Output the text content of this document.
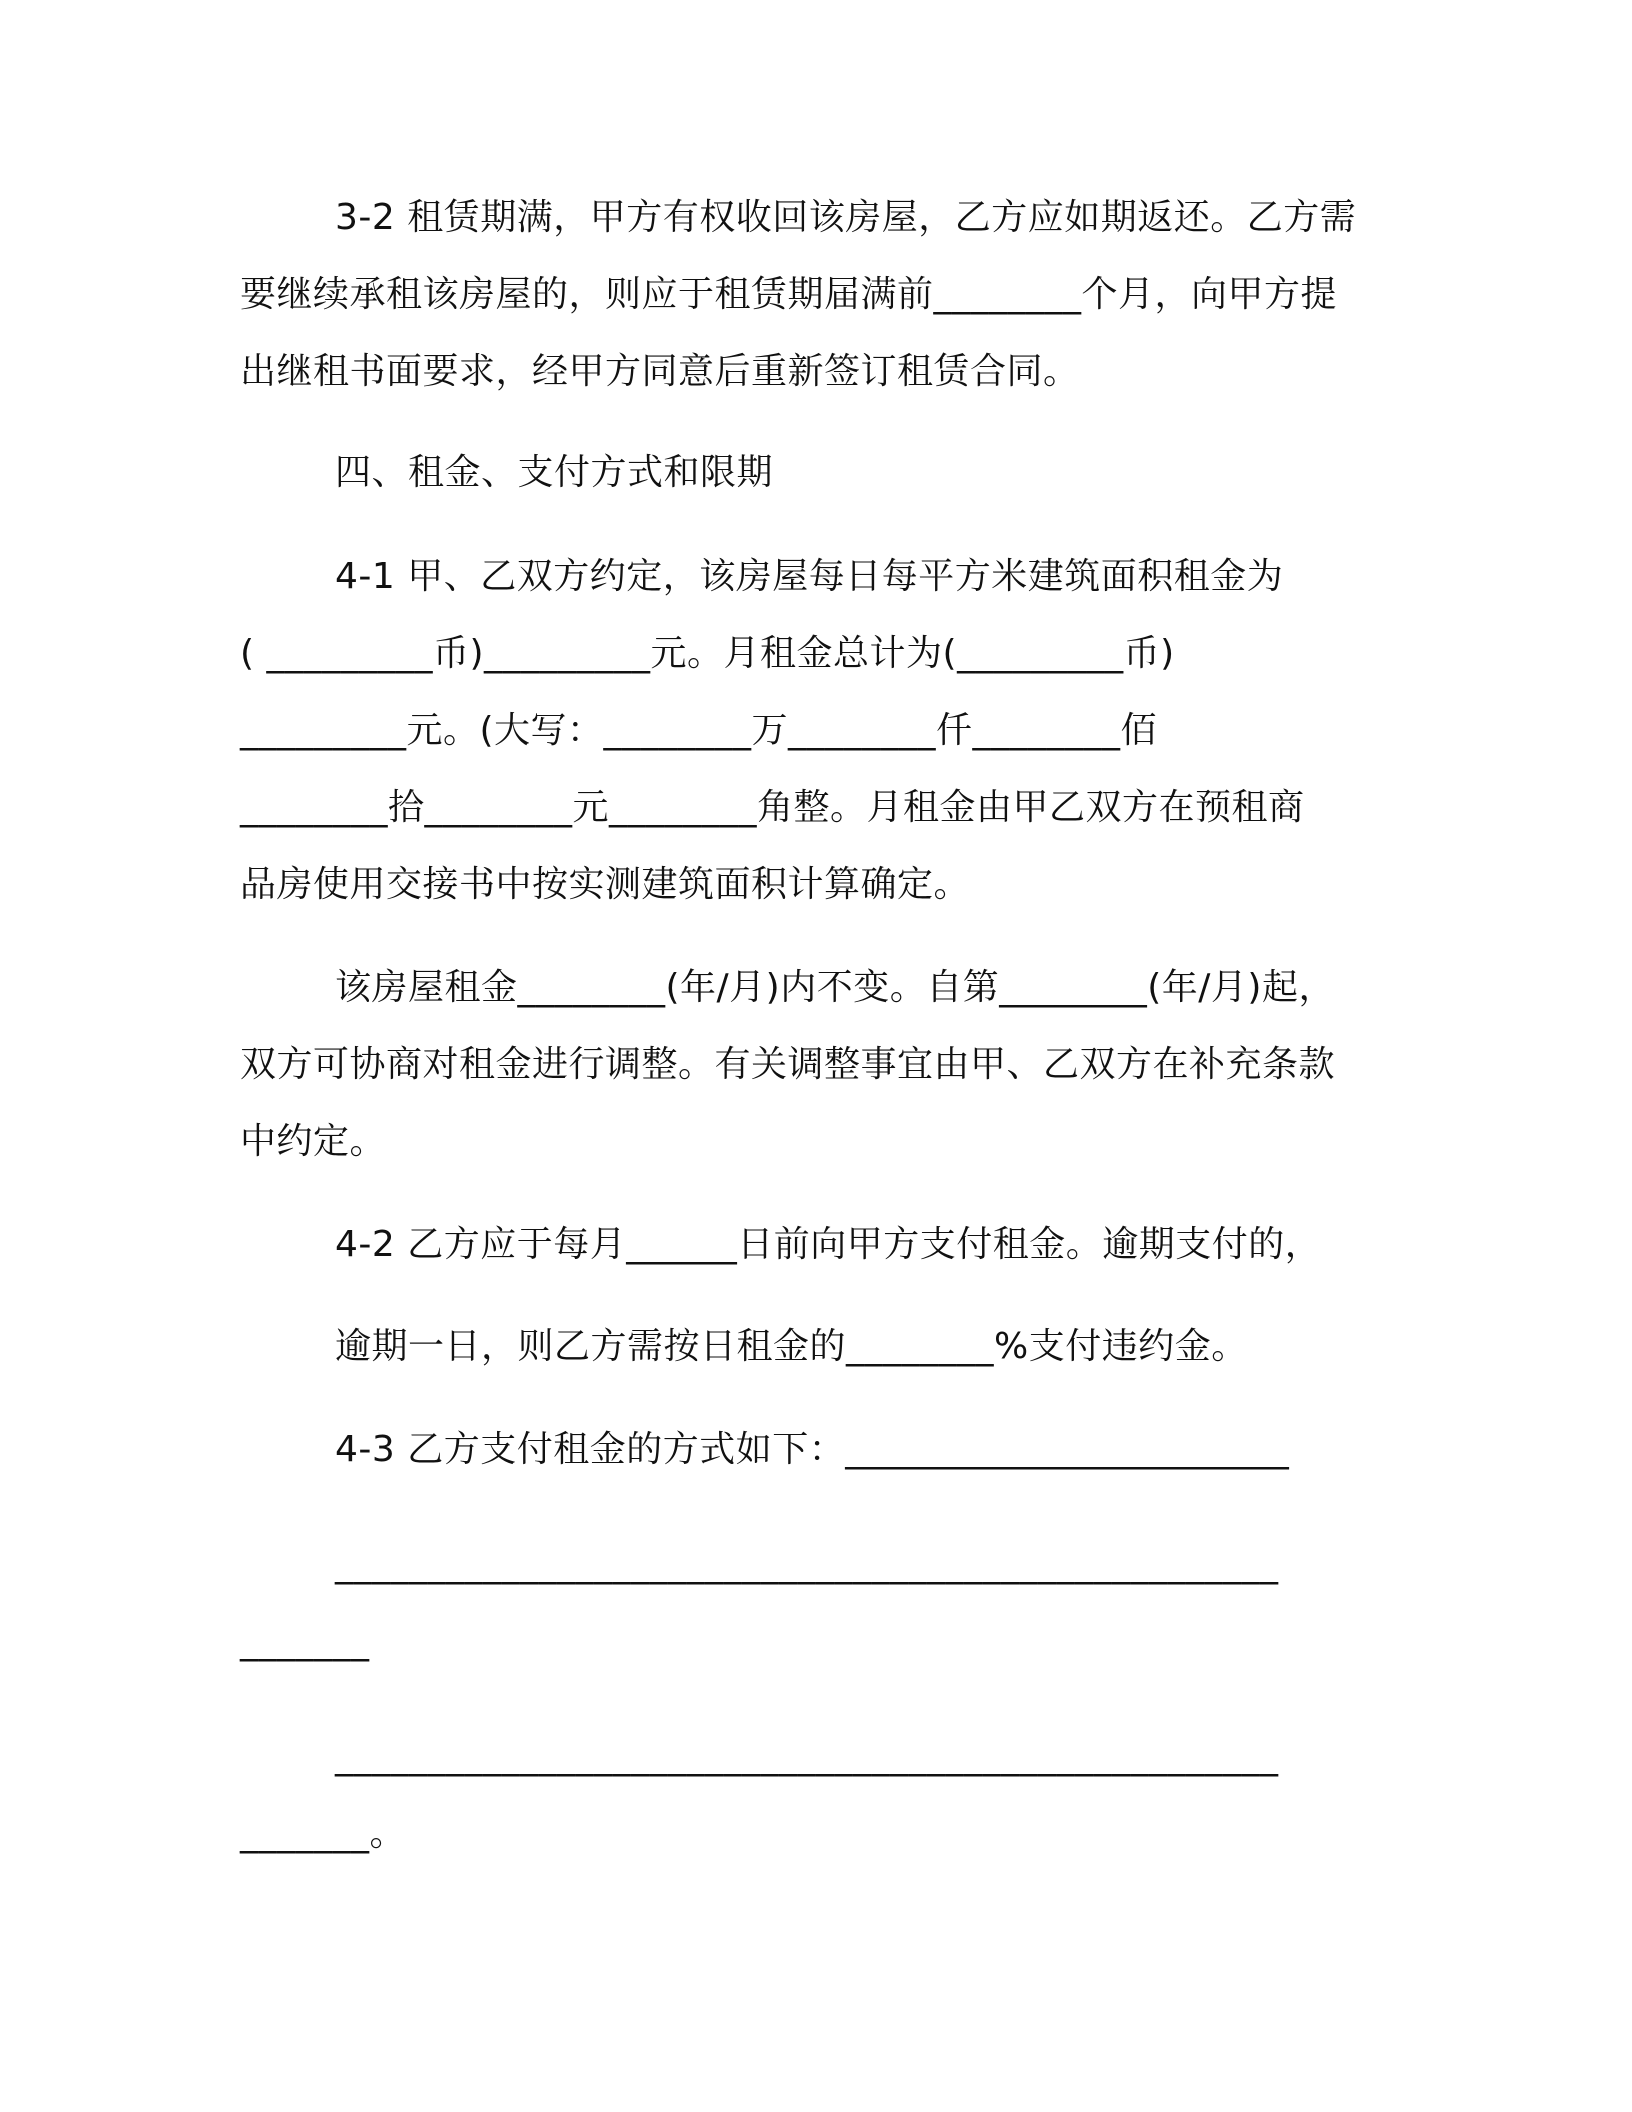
3-2 租赁期满，甲方有权收回该房屋，乙方应如期返还。乙方需
要继续承租该房屋的，则应于租赁期届满前________个月，向甲方提
出继租书面要求，经甲方同意后重新签订租赁合同。
四、租金、支付方式和限期
4-1 甲、乙双方约定，该房屋每日每平方米建筑面积租金为
( _________币)_________元。月租金总计为(_________币)
_________元。(大写：________万________仟________佰
________拾________元________角整。月租金由甲乙双方在预租商
品房使用交接书中按实测建筑面积计算确定。
该房屋租金________(年/月)内不变。自第________(年/月)起，
双方可协商对租金进行调整。有关调整事宜由甲、乙双方在补充条款
中约定。
4-2 乙方应于每月______日前向甲方支付租金。逾期支付的，
逾期一日，则乙方需按日租金的________%支付违约金。
4-3 乙方支付租金的方式如下：________________________
___________________________________________________
_______
___________________________________________________
_______。
